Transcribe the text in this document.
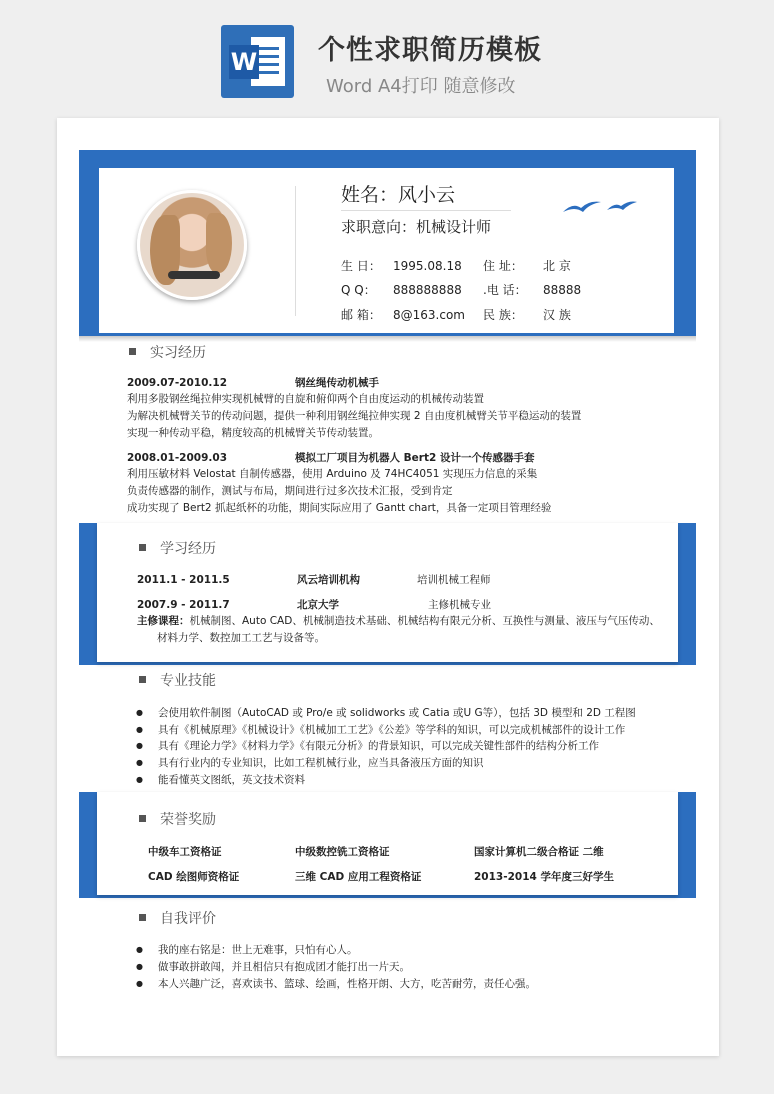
W 个性求职简历模板
Word A4打印 随意修改
姓名：风小云
求职意向：机械设计师
生 日： 1995.08.18 住 址： 北 京
Q Q： 888888888 .电 话： 88888
邮 箱： 8@163.com 民 族： 汉 族
实习经历
2009.07-2010.12	钢丝绳传动机械手
利用多股钢丝绳拉伸实现机械臂的自旋和俯仰两个自由度运动的机械传动装置
为解决机械臂关节的传动问题，提供一种利用钢丝绳拉伸实现 2 自由度机械臂关节平稳运动的装置
实现一种传动平稳，精度较高的机械臂关节传动装置。
2008.01-2009.03	模拟工厂项目为机器人 Bert2 设计一个传感器手套
利用压敏材料 Velostat 自制传感器，使用 Arduino 及 74HC4051 实现压力信息的采集
负责传感器的制作，测试与布局，期间进行过多次技术汇报，受到肯定
成功实现了 Bert2 抓起纸杯的功能，期间实际应用了 Gantt chart，具备一定项目管理经验
学习经历
2011.1 - 2011.5	风云培训机构	培训机械工程师
2007.9 - 2011.7	北京大学	主修机械专业
主修课程：机械制图、Auto CAD、机械制造技术基础、机械结构有限元分析、互换性与测量、液压与气压传动、
材料力学、数控加工工艺与设备等。
专业技能
● 会使用软件制图（AutoCAD 或 Pro/e 或 solidworks 或 Catia 或U G等），包括 3D 模型和 2D 工程图
● 具有《机械原理》《机械设计》《机械加工工艺》《公差》等学科的知识，可以完成机械部件的设计工作
● 具有《理论力学》《材料力学》《有限元分析》的背景知识，可以完成关键性部件的结构分析工作
● 具有行业内的专业知识，比如工程机械行业，应当具备液压方面的知识
● 能看懂英文图纸，英文技术资料
荣誉奖励
中级车工资格证	中级数控铣工资格证	国家计算机二级合格证 二维
CAD 绘图师资格证	三维 CAD 应用工程资格证	2013-2014 学年度三好学生
自我评价
● 我的座右铭是：世上无难事，只怕有心人。
● 做事敢拼敢闯，并且相信只有抱成团才能打出一片天。
● 本人兴趣广泛，喜欢读书、篮球、绘画，性格开朗、大方，吃苦耐劳，责任心强。
